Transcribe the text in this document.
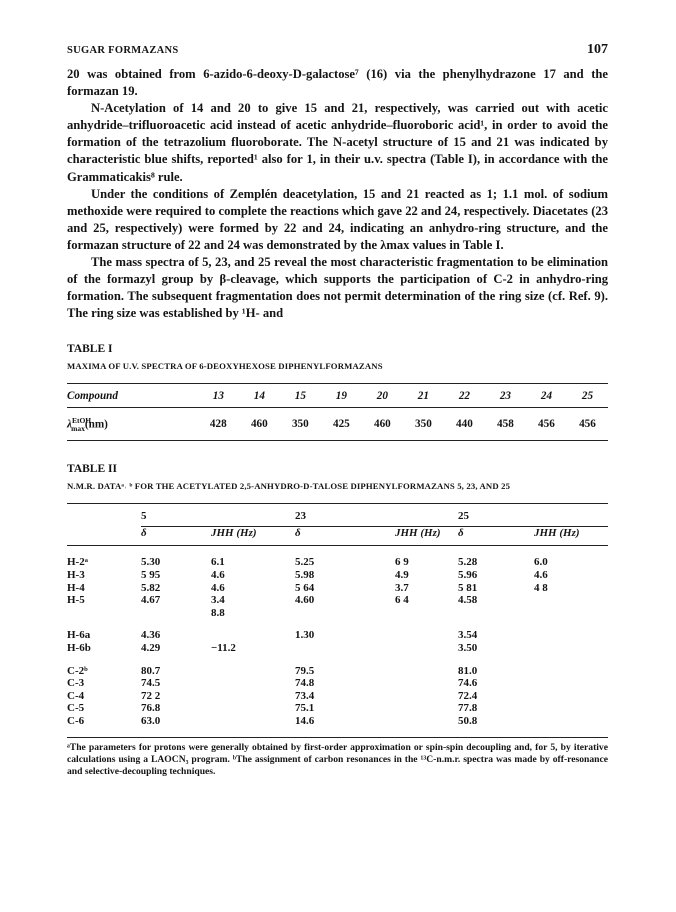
SUGAR FORMAZANS	107

20 was obtained from 6-azido-6-deoxy-D-galactose⁷ (16) via the phenylhydrazone 17 and the formazan 19.

N-Acetylation of 14 and 20 to give 15 and 21, respectively, was carried out with acetic anhydride–trifluoroacetic acid instead of acetic anhydride–fluoroboric acid¹, in order to avoid the formation of the tetrazolium fluoroborate. The N-acetyl structure of 15 and 21 was indicated by characteristic blue shifts, reported¹ also for 1, in their u.v. spectra (Table I), in accordance with the Grammaticakis⁸ rule.

Under the conditions of Zemplén deacetylation, 15 and 21 reacted as 1; 1.1 mol. of sodium methoxide were required to complete the reactions which gave 22 and 24, respectively. Diacetates (23 and 25, respectively) were formed by 22 and 24, indicating an anhydro-ring structure, and the formazan structure of 22 and 24 was demonstrated by the λmax values in Table I.

The mass spectra of 5, 23, and 25 reveal the most characteristic fragmentation to be elimination of the formazyl group by β-cleavage, which supports the participation of C-2 in anhydro-ring formation. The subsequent fragmentation does not permit determination of the ring size (cf. Ref. 9). The ring size was established by ¹H- and

TABLE I
MAXIMA OF U.V. SPECTRA OF 6-DEOXYHEXOSE DIPHENYLFORMAZANS
Compound	13	14	15	19	20	21	22	23	24	25
$\lambda^{EtOH}_{max}(nm)$	428	460	350	425	460	350	440	458	456	456
TABLE II
N.M.R. DATAᵃ˒ ᵇ FOR THE ACETYLATED 2,5-ANHYDRO-D-TALOSE DIPHENYLFORMAZANS 5, 23, AND 25

	5		23		25	
	δ	JHH (Hz)	δ	JHH (Hz)	δ	JHH (Hz)

H-2ᵃ	5.30	6.1	5.25	6 9	5.28	6.0
H-3	5 95	4.6	5.98	4.9	5.96	4.6
H-4	5.82	4.6	5 64	3.7	5 81	4 8
H-5	4.67	3.4	4.60	6 4	4.58	
		8.8				

H-6a	4.36		1.30		3.54	
H-6b	4.29	−11.2			3.50	

C-2ᵇ	80.7		79.5		81.0	
C-3	74.5		74.8		74.6	
C-4	72 2		73.4		72.4	
C-5	76.8		75.1		77.8	
C-6	63.0		14.6		50.8	
ᵃThe parameters for protons were generally obtained by first-order approximation or spin-spin decoupling and, for 5, by iterative calculations using a LAOCN₃ program. ᵇThe assignment of carbon resonances in the ¹³C-n.m.r. spectra was made by off-resonance and selective-decoupling techniques.
